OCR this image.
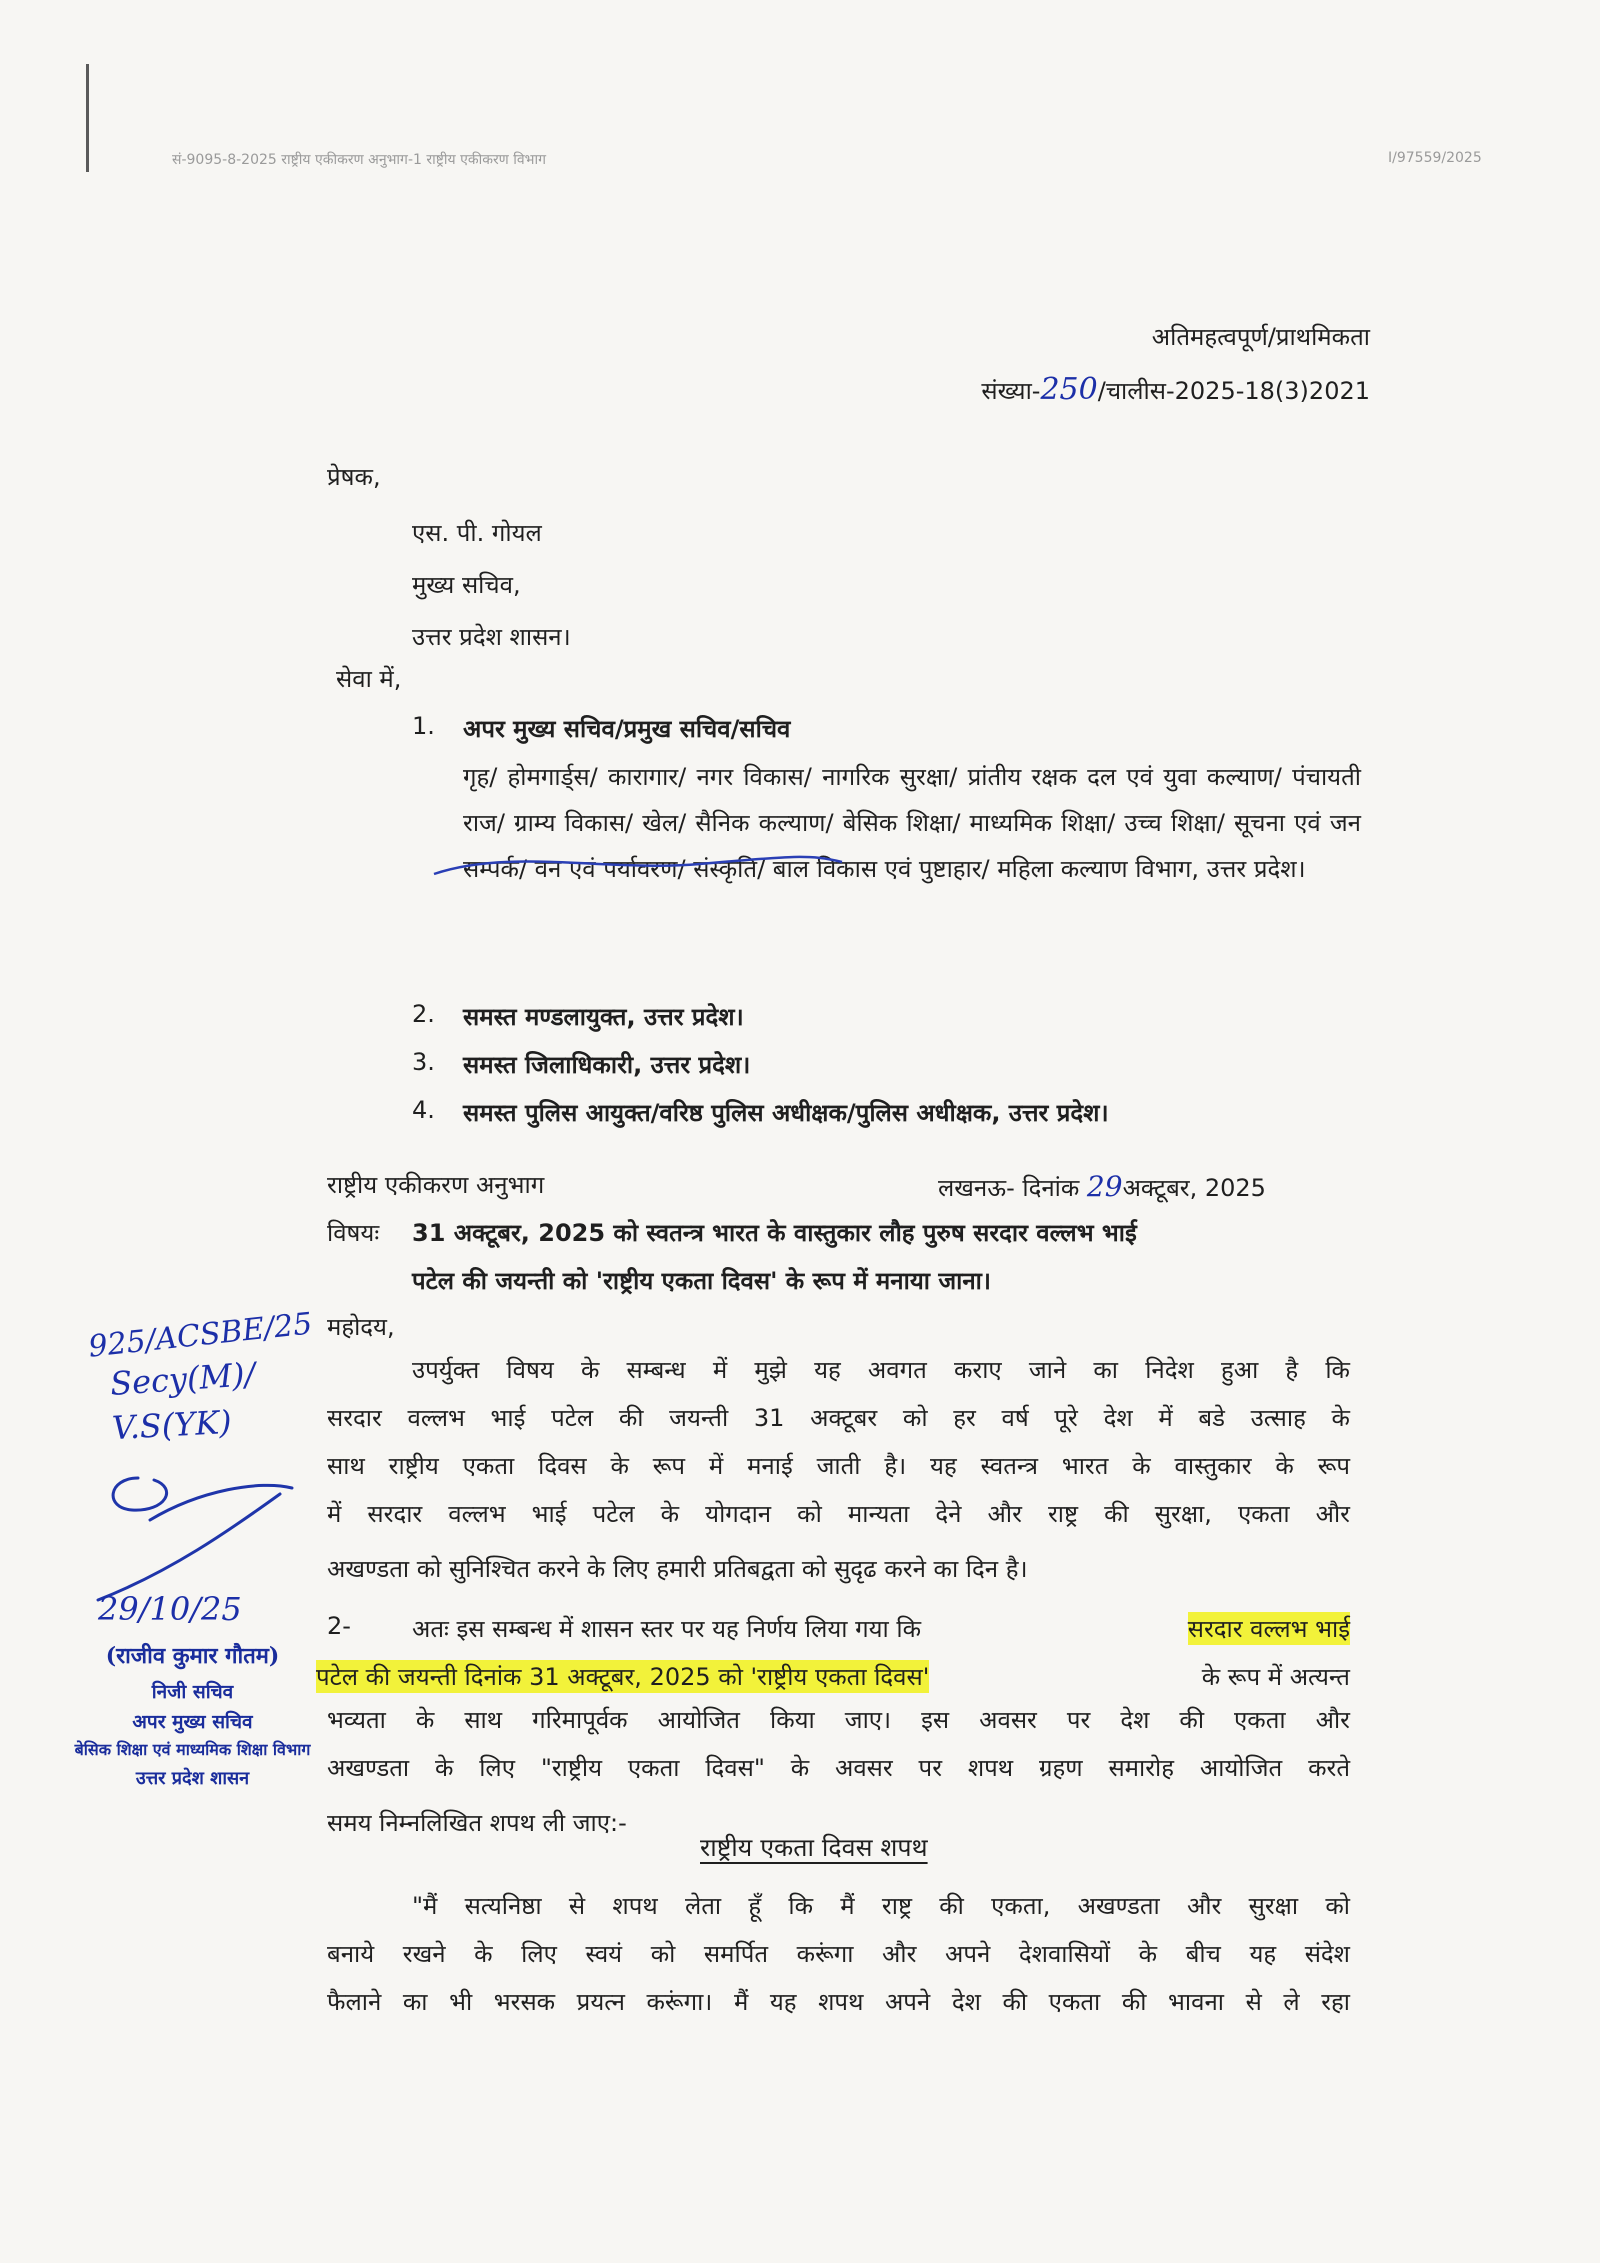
सं-9095-8-2025 राष्ट्रीय एकीकरण अनुभाग-1 राष्ट्रीय एकीकरण विभाग	I/97559/2025
अतिमहत्वपूर्ण/प्राथमिकता
संख्या-250/चालीस-2025-18(3)2021
प्रेषक,
एस. पी. गोयल
मुख्य सचिव,
उत्तर प्रदेश शासन।
सेवा में,
1. अपर मुख्य सचिव/प्रमुख सचिव/सचिव
गृह/ होमगार्ड्स/ कारागार/ नगर विकास/ नागरिक सुरक्षा/ प्रांतीय रक्षक दल एवं युवा कल्याण/ पंचायती राज/ ग्राम्य विकास/ खेल/ सैनिक कल्याण/ बेसिक शिक्षा/ माध्यमिक शिक्षा/ उच्च शिक्षा/ सूचना एवं जन सम्पर्क/ वन एवं पर्यावरण/ संस्कृति/ बाल विकास एवं पुष्टाहार/ महिला कल्याण विभाग, उत्तर प्रदेश।
2. समस्त मण्डलायुक्त, उत्तर प्रदेश।
3. समस्त जिलाधिकारी, उत्तर प्रदेश।
4. समस्त पुलिस आयुक्त/वरिष्ठ पुलिस अधीक्षक/पुलिस अधीक्षक, उत्तर प्रदेश।
राष्ट्रीय एकीकरण अनुभाग	लखनऊ- दिनांक 29अक्टूबर, 2025
विषयः 31 अक्टूबर, 2025 को स्वतन्त्र भारत के वास्तुकार लौह पुरुष सरदार वल्लभ भाई
पटेल की जयन्ती को 'राष्ट्रीय एकता दिवस' के रूप में मनाया जाना।
महोदय,
उपर्युक्त विषय के सम्बन्ध में मुझे यह अवगत कराए जाने का निदेश हुआ है कि
सरदार वल्लभ भाई पटेल की जयन्ती 31 अक्टूबर को हर वर्ष पूरे देश में बडे उत्साह के
साथ राष्ट्रीय एकता दिवस के रूप में मनाई जाती है। यह स्वतन्त्र भारत के वास्तुकार के रूप
में सरदार वल्लभ भाई पटेल के योगदान को मान्यता देने और राष्ट्र की सुरक्षा, एकता और
अखण्डता को सुनिश्चित करने के लिए हमारी प्रतिबद्वता को सुदृढ करने का दिन है।
2-	अतः इस सम्बन्ध में शासन स्तर पर यह निर्णय लिया गया कि	सरदार वल्लभ भाई
पटेल की जयन्ती दिनांक 31 अक्टूबर, 2025 को 'राष्ट्रीय एकता दिवस'	के रूप में अत्यन्त
भव्यता के साथ गरिमापूर्वक आयोजित किया जाए। इस अवसर पर देश की एकता और
अखण्डता के लिए "राष्ट्रीय एकता दिवस" के अवसर पर शपथ ग्रहण समारोह आयोजित करते
समय निम्नलिखित शपथ ली जाए:-
राष्ट्रीय एकता दिवस शपथ
"मैं सत्यनिष्ठा से शपथ लेता हूँ कि मैं राष्ट्र की एकता, अखण्डता और सुरक्षा को
बनाये रखने के लिए स्वयं को समर्पित करूंगा और अपने देशवासियों के बीच यह संदेश
फैलाने का भी भरसक प्रयत्न करूंगा। मैं यह शपथ अपने देश की एकता की भावना से ले रहा
925/ACSBE/25
Secy(M)/
V.S(YK)
29/10/25
(राजीव कुमार गौतम)
निजी सचिव
अपर मुख्य सचिव
बेसिक शिक्षा एवं माध्यमिक शिक्षा विभाग
उत्तर प्रदेश शासन
